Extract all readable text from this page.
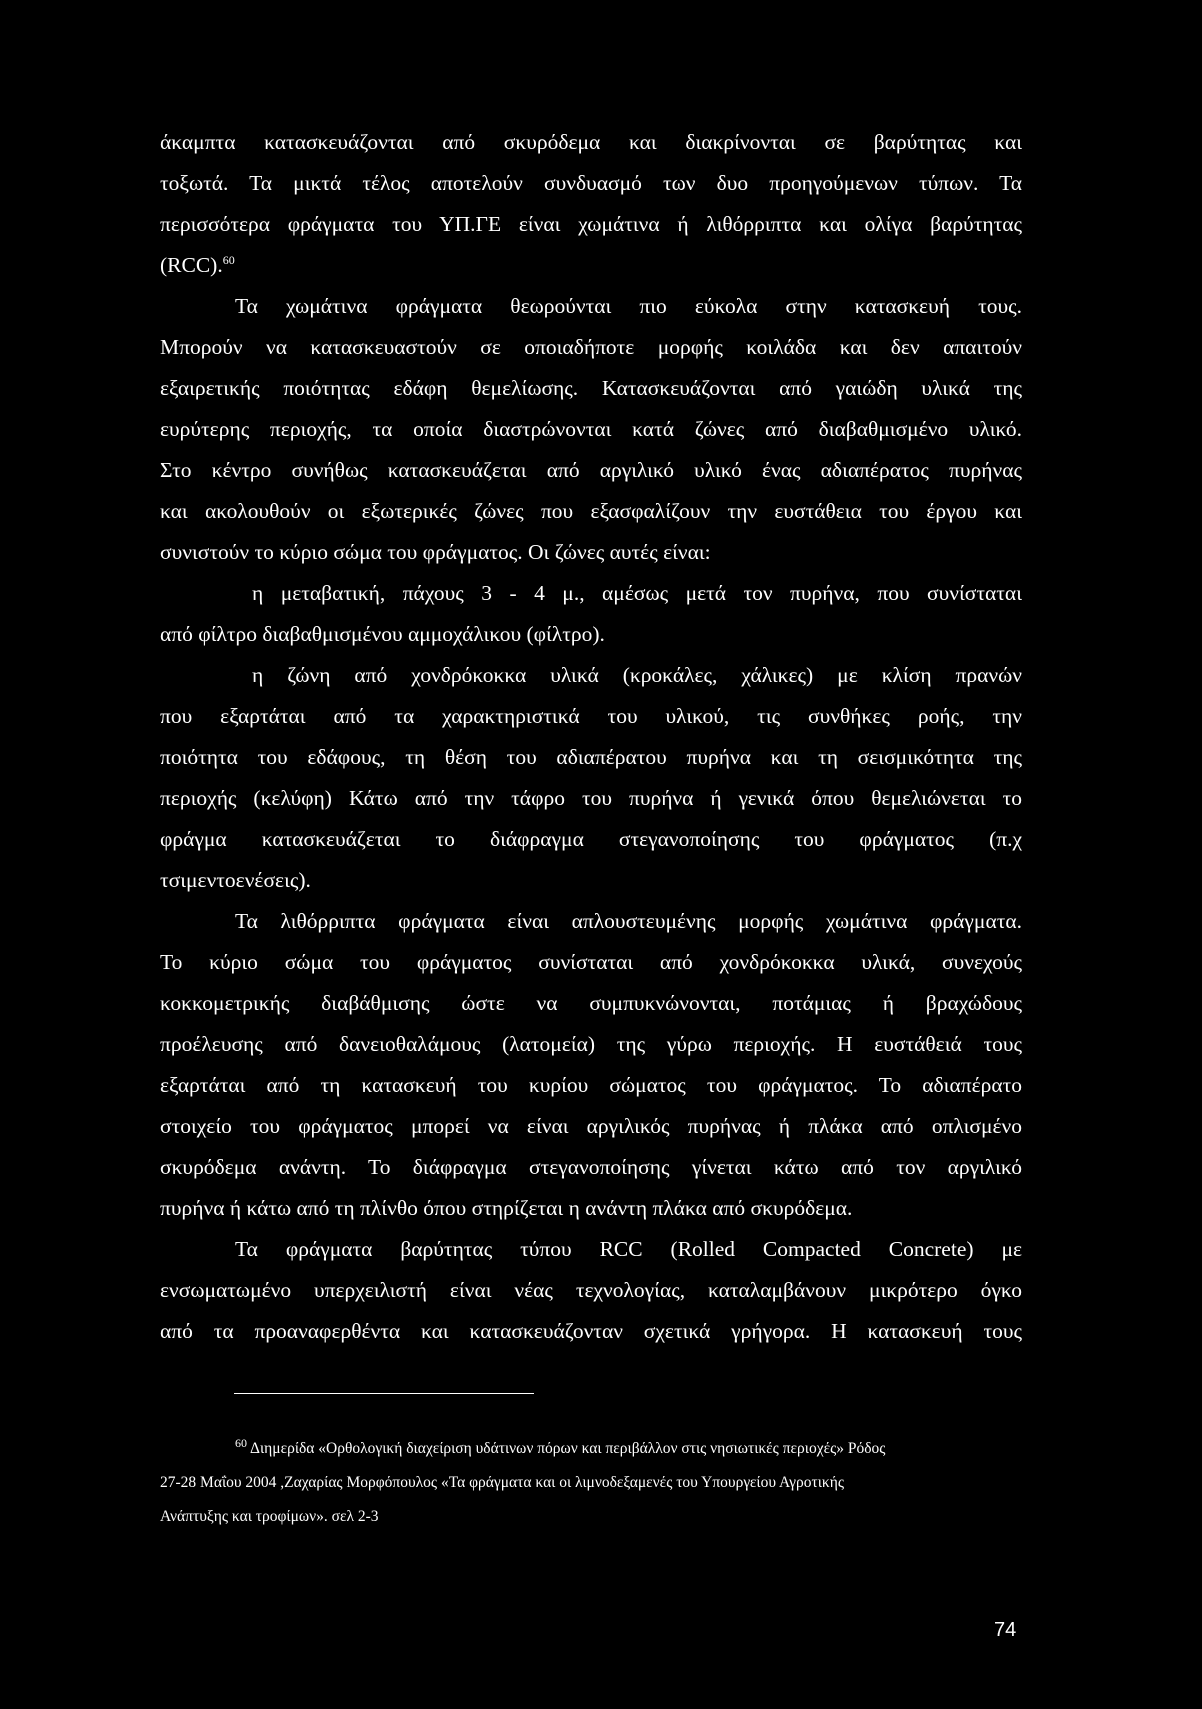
άκαμπτα κατασκευάζονται από σκυρόδεμα και διακρίνονται σε βαρύτητας και
τοξωτά. Τα μικτά τέλος αποτελούν συνδυασμό των δυο προηγούμενων τύπων. Τα
περισσότερα φράγματα του ΥΠ.ΓΕ είναι χωμάτινα ή λιθόρριπτα και ολίγα βαρύτητας
(RCC).$^{60}$
Τα χωμάτινα φράγματα θεωρούνται πιο εύκολα στην κατασκευή τους.
Μπορούν να κατασκευαστούν σε οποιαδήποτε μορφής κοιλάδα και δεν απαιτούν
εξαιρετικής ποιότητας εδάφη θεμελίωσης. Κατασκευάζονται από γαιώδη υλικά της
ευρύτερης περιοχής, τα οποία διαστρώνονται κατά ζώνες από διαβαθμισμένο υλικό.
Στο κέντρο συνήθως κατασκευάζεται από αργιλικό υλικό ένας αδιαπέρατος πυρήνας
και ακολουθούν οι εξωτερικές ζώνες που εξασφαλίζουν την ευστάθεια του έργου και
συνιστούν το κύριο σώμα του φράγματος. Οι ζώνες αυτές είναι:
η μεταβατική, πάχους 3 - 4 μ., αμέσως μετά τον πυρήνα, που συνίσταται
από φίλτρο διαβαθμισμένου αμμοχάλικου (φίλτρο).
η ζώνη από χονδρόκοκκα υλικά (κροκάλες, χάλικες) με κλίση πρανών
που εξαρτάται από τα χαρακτηριστικά του υλικού, τις συνθήκες ροής, την
ποιότητα του εδάφους, τη θέση του αδιαπέρατου πυρήνα και τη σεισμικότητα της
περιοχής (κελύφη) Κάτω από την τάφρο του πυρήνα ή γενικά όπου θεμελιώνεται το
φράγμα κατασκευάζεται το διάφραγμα στεγανοποίησης του φράγματος (π.χ
τσιμεντοενέσεις).
Τα λιθόρριπτα φράγματα είναι απλουστευμένης μορφής χωμάτινα φράγματα.
Το κύριο σώμα του φράγματος συνίσταται από χονδρόκοκκα υλικά, συνεχούς
κοκκομετρικής διαβάθμισης ώστε να συμπυκνώνονται, ποτάμιας ή βραχώδους
προέλευσης από δανειοθαλάμους (λατομεία) της γύρω περιοχής. Η ευστάθειά τους
εξαρτάται από τη κατασκευή του κυρίου σώματος του φράγματος. Το αδιαπέρατο
στοιχείο του φράγματος μπορεί να είναι αργιλικός πυρήνας ή πλάκα από οπλισμένο
σκυρόδεμα ανάντη. Το διάφραγμα στεγανοποίησης γίνεται κάτω από τον αργιλικό
πυρήνα ή κάτω από τη πλίνθο όπου στηρίζεται η ανάντη πλάκα από σκυρόδεμα.
Τα φράγματα βαρύτητας τύπου RCC (Rolled Compacted Concrete) με
ενσωματωμένο υπερχειλιστή είναι νέας τεχνολογίας, καταλαμβάνουν μικρότερο όγκο
από τα προαναφερθέντα και κατασκευάζονταν σχετικά γρήγορα. Η κατασκευή τους
$^{60}$ Διημερίδα «Ορθολογική διαχείριση υδάτινων πόρων και περιβάλλον στις νησιωτικές περιοχές» Ρόδος
27-28 Μαΐου 2004 ,Ζαχαρίας Μορφόπουλος «Τα φράγματα και οι λιμνοδεξαμενές του Υπουργείου Αγροτικής
Ανάπτυξης και τροφίμων». σελ 2-3
74
